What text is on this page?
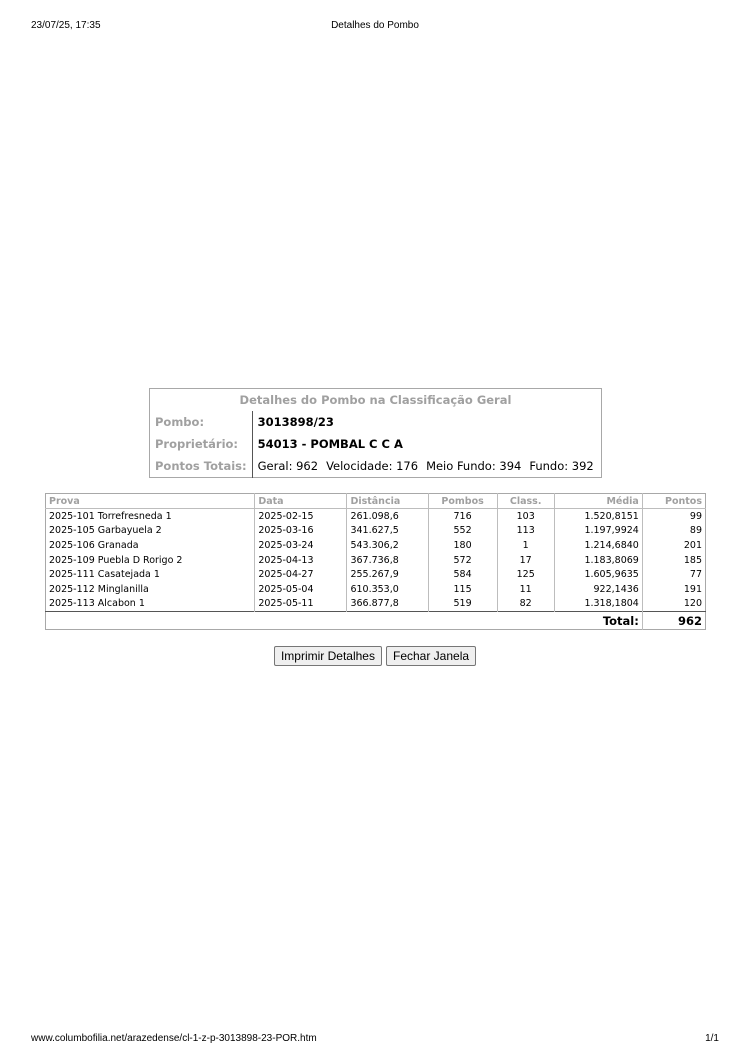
23/07/25, 17:35	Detalhes do Pombo
Detalhes do Pombo na Classificação Geral	
Pombo:	3013898/23
Proprietário:	54013 - POMBAL C C A
Pontos Totais:	Geral: 962 Velocidade: 176 Meio Fundo: 394 Fundo: 392
Prova	Data	Distância	Pombos	Class.	Média	Pontos
2025-101 Torrefresneda 1	2025-02-15	261.098,6	716	103	1.520,8151	99
2025-105 Garbayuela 2	2025-03-16	341.627,5	552	113	1.197,9924	89
2025-106 Granada	2025-03-24	543.306,2	180	1	1.214,6840	201
2025-109 Puebla D Rorigo 2	2025-04-13	367.736,8	572	17	1.183,8069	185
2025-111 Casatejada 1	2025-04-27	255.267,9	584	125	1.605,9635	77
2025-112 Minglanilla	2025-05-04	610.353,0	115	11	922,1436	191
2025-113 Alcabon 1	2025-05-11	366.877,8	519	82	1.318,1804	120
Total:						962
Imprimir Detalhes Fechar Janela
www.columbofilia.net/arazedense/cl-1-z-p-3013898-23-POR.htm	1/1
